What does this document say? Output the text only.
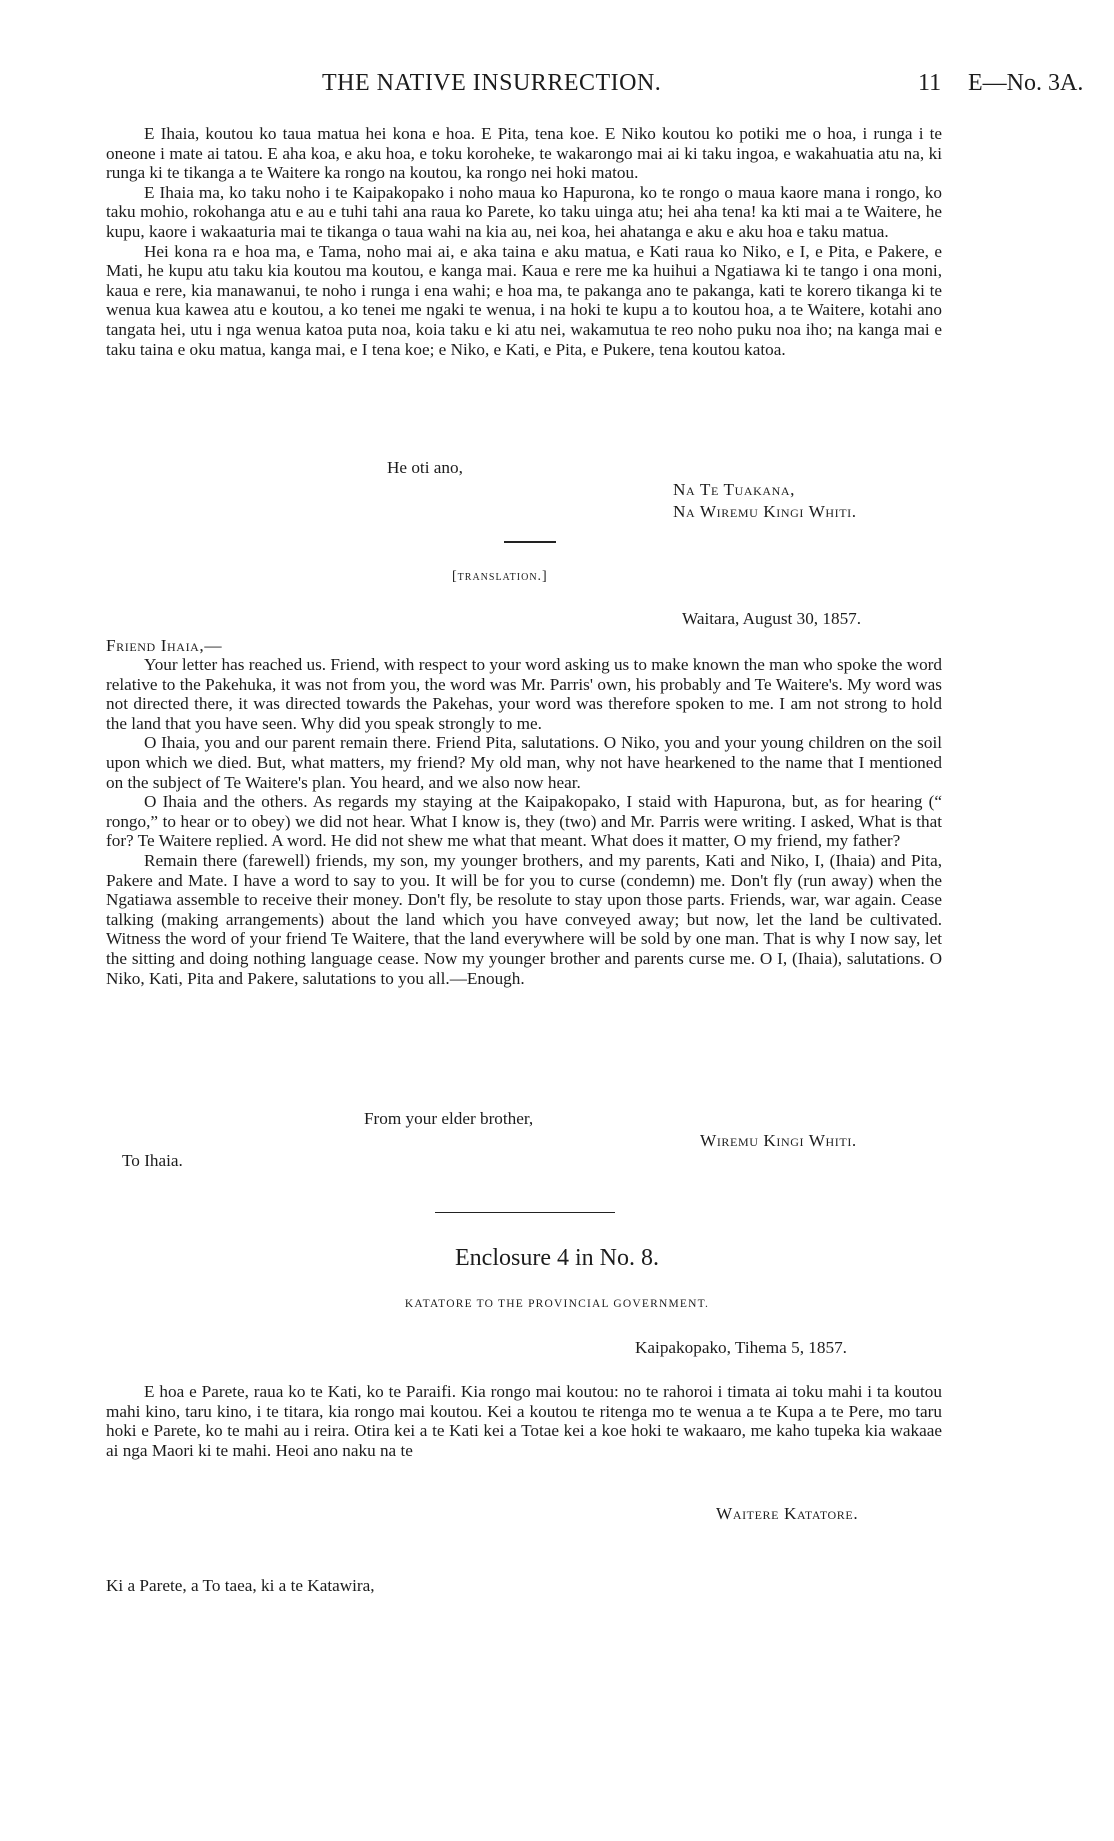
THE NATIVE INSURRECTION.	11 E—No. 3A.

E Ihaia, koutou ko taua matua hei kona e hoa. E Pita, tena koe. E Niko koutou ko potiki me o hoa, i runga i te oneone i mate ai tatou. E aha koa, e aku hoa, e toku koroheke, te wakarongo mai ai ki taku ingoa, e wakahuatia atu na, ki runga ki te tikanga a te Waitere ka rongo na koutou, ka rongo nei hoki matou.

E Ihaia ma, ko taku noho i te Kaipakopako i noho maua ko Hapurona, ko te rongo o maua kaore mana i rongo, ko taku mohio, rokohanga atu e au e tuhi tahi ana raua ko Parete, ko taku uinga atu; hei aha tena! ka kti mai a te Waitere, he kupu, kaore i wakaaturia mai te tikanga o taua wahi na kia au, nei koa, hei ahatanga e aku e aku hoa e taku matua.

Hei kona ra e hoa ma, e Tama, noho mai ai, e aka taina e aku matua, e Kati raua ko Niko, e I, e Pita, e Pakere, e Mati, he kupu atu taku kia koutou ma koutou, e kanga mai. Kaua e rere me ka huihui a Ngatiawa ki te tango i ona moni, kaua e rere, kia manawanui, te noho i runga i ena wahi; e hoa ma, te pakanga ano te pakanga, kati te korero tikanga ki te wenua kua kawea atu e koutou, a ko tenei me ngaki te wenua, i na hoki te kupu a to koutou hoa, a te Waitere, kotahi ano tangata hei, utu i nga wenua katoa puta noa, koia taku e ki atu nei, wakamutua te reo noho puku noa iho; na kanga mai e taku taina e oku matua, kanga mai, e I tena koe; e Niko, e Kati, e Pita, e Pukere, tena koutou katoa.

He oti ano,
Na Te Tuakana,
Na Wiremu Kingi Whiti.
[translation.]
Waitara, August 30, 1857.
Friend Ihaia,—

Your letter has reached us. Friend, with respect to your word asking us to make known the man who spoke the word relative to the Pakehuka, it was not from you, the word was Mr. Parris' own, his probably and Te Waitere's. My word was not directed there, it was directed towards the Pakehas, your word was therefore spoken to me. I am not strong to hold the land that you have seen. Why did you speak strongly to me.

O Ihaia, you and our parent remain there. Friend Pita, salutations. O Niko, you and your young children on the soil upon which we died. But, what matters, my friend? My old man, why not have hearkened to the name that I mentioned on the subject of Te Waitere's plan. You heard, and we also now hear.

O Ihaia and the others. As regards my staying at the Kaipakopako, I staid with Hapurona, but, as for hearing (“ rongo,” to hear or to obey) we did not hear. What I know is, they (two) and Mr. Parris were writing. I asked, What is that for? Te Waitere replied. A word. He did not shew me what that meant. What does it matter, O my friend, my father?

Remain there (farewell) friends, my son, my younger brothers, and my parents, Kati and Niko, I, (Ihaia) and Pita, Pakere and Mate. I have a word to say to you. It will be for you to curse (condemn) me. Don't fly (run away) when the Ngatiawa assemble to receive their money. Don't fly, be resolute to stay upon those parts. Friends, war, war again. Cease talking (making arrangements) about the land which you have conveyed away; but now, let the land be cultivated. Witness the word of your friend Te Waitere, that the land everywhere will be sold by one man. That is why I now say, let the sitting and doing nothing language cease. Now my younger brother and parents curse me. O I, (Ihaia), salutations. O Niko, Kati, Pita and Pakere, salutations to you all.—Enough.

From your elder brother,
Wiremu Kingi Whiti.
To Ihaia.
Enclosure 4 in No. 8.
KATATORE TO THE PROVINCIAL GOVERNMENT.
Kaipakopako, Tihema 5, 1857.

E hoa e Parete, raua ko te Kati, ko te Paraifi. Kia rongo mai koutou: no te rahoroi i timata ai toku mahi i ta koutou mahi kino, taru kino, i te titara, kia rongo mai koutou. Kei a koutou te ritenga mo te wenua a te Kupa a te Pere, mo taru hoki e Parete, ko te mahi au i reira. Otira kei a te Kati kei a Totae kei a koe hoki te wakaaro, me kaho tupeka kia wakaae ai nga Maori ki te mahi. Heoi ano naku na te

Waitere Katatore.
Ki a Parete, a To taea, ki a te Katawira,
